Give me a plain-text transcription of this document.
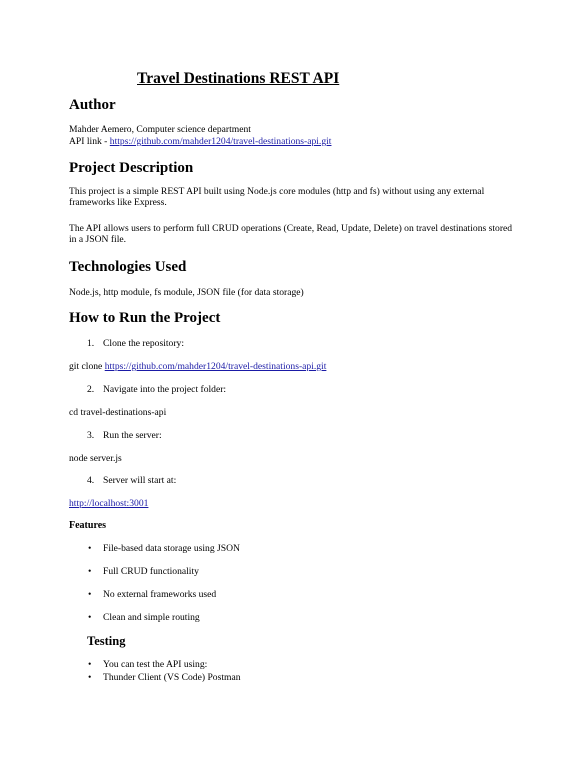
Travel Destinations REST API
Author
Mahder Aemero, Computer science department
API link - https://github.com/mahder1204/travel-destinations-api.git
Project Description
This project is a simple REST API built using Node.js core modules (http and fs) without using any external frameworks like Express.
The API allows users to perform full CRUD operations (Create, Read, Update, Delete) on travel destinations stored in a JSON file.
Technologies Used
Node.js, http module, fs module, JSON file (for data storage)
How to Run the Project
1. Clone the repository:
git clone https://github.com/mahder1204/travel-destinations-api.git
2. Navigate into the project folder:
cd travel-destinations-api
3. Run the server:
node server.js
4. Server will start at:
http://localhost:3001
Features
• File-based data storage using JSON
• Full CRUD functionality
• No external frameworks used
• Clean and simple routing
Testing
• You can test the API using:
• Thunder Client (VS Code) Postman
